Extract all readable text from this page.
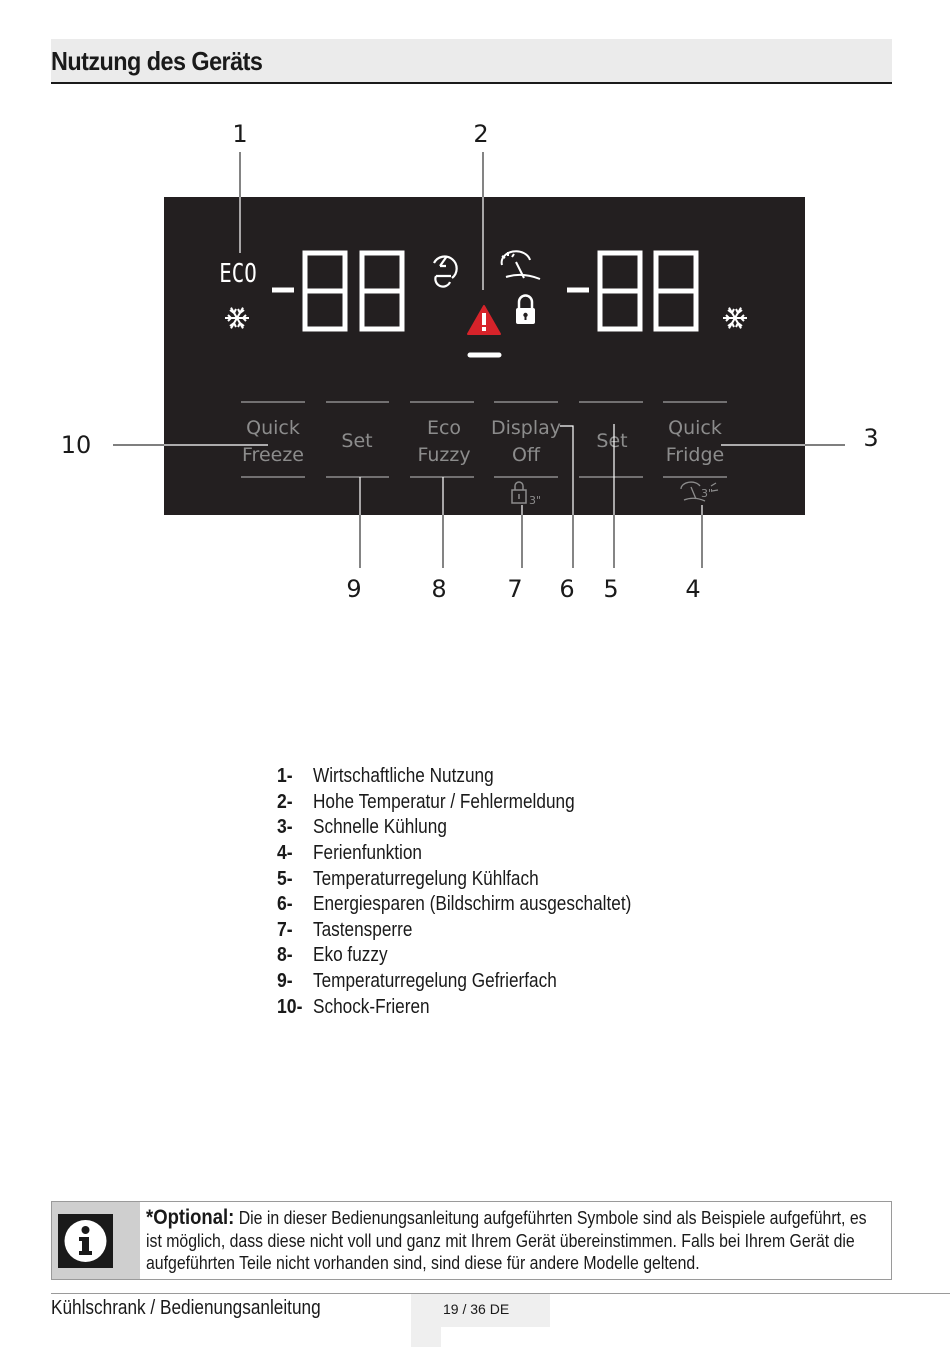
Nutzung des Geräts
ECO
-88	-88
Quick
Freeze
Set
Eco
Fuzzy
Display
Off
Set
Quick
Fridge
3"
3"
1	2
3
4
5
6
7
8
9
10
1-	Wirtschaftliche Nutzung
2-	Hohe Temperatur / Fehlermeldung
3-	Schnelle Kühlung
4-	Ferienfunktion
5-	Temperaturregelung Kühlfach
6-	Energiesparen (Bildschirm ausgeschaltet)
7-	Tastensperre
8-	Eko fuzzy
9-	Temperaturregelung Gefrierfach
10- Schock-Frieren
*Optional: Die in dieser Bedienungsanleitung aufgeführten Symbole sind als Beispiele aufgeführt, es ist möglich, dass diese nicht voll und ganz mit Ihrem Gerät übereinstimmen. Falls bei Ihrem Gerät die aufgeführten Teile nicht vorhanden sind, sind diese für andere Modelle geltend.
Kühlschrank / Bedienungsanleitung	19 / 36 DE
